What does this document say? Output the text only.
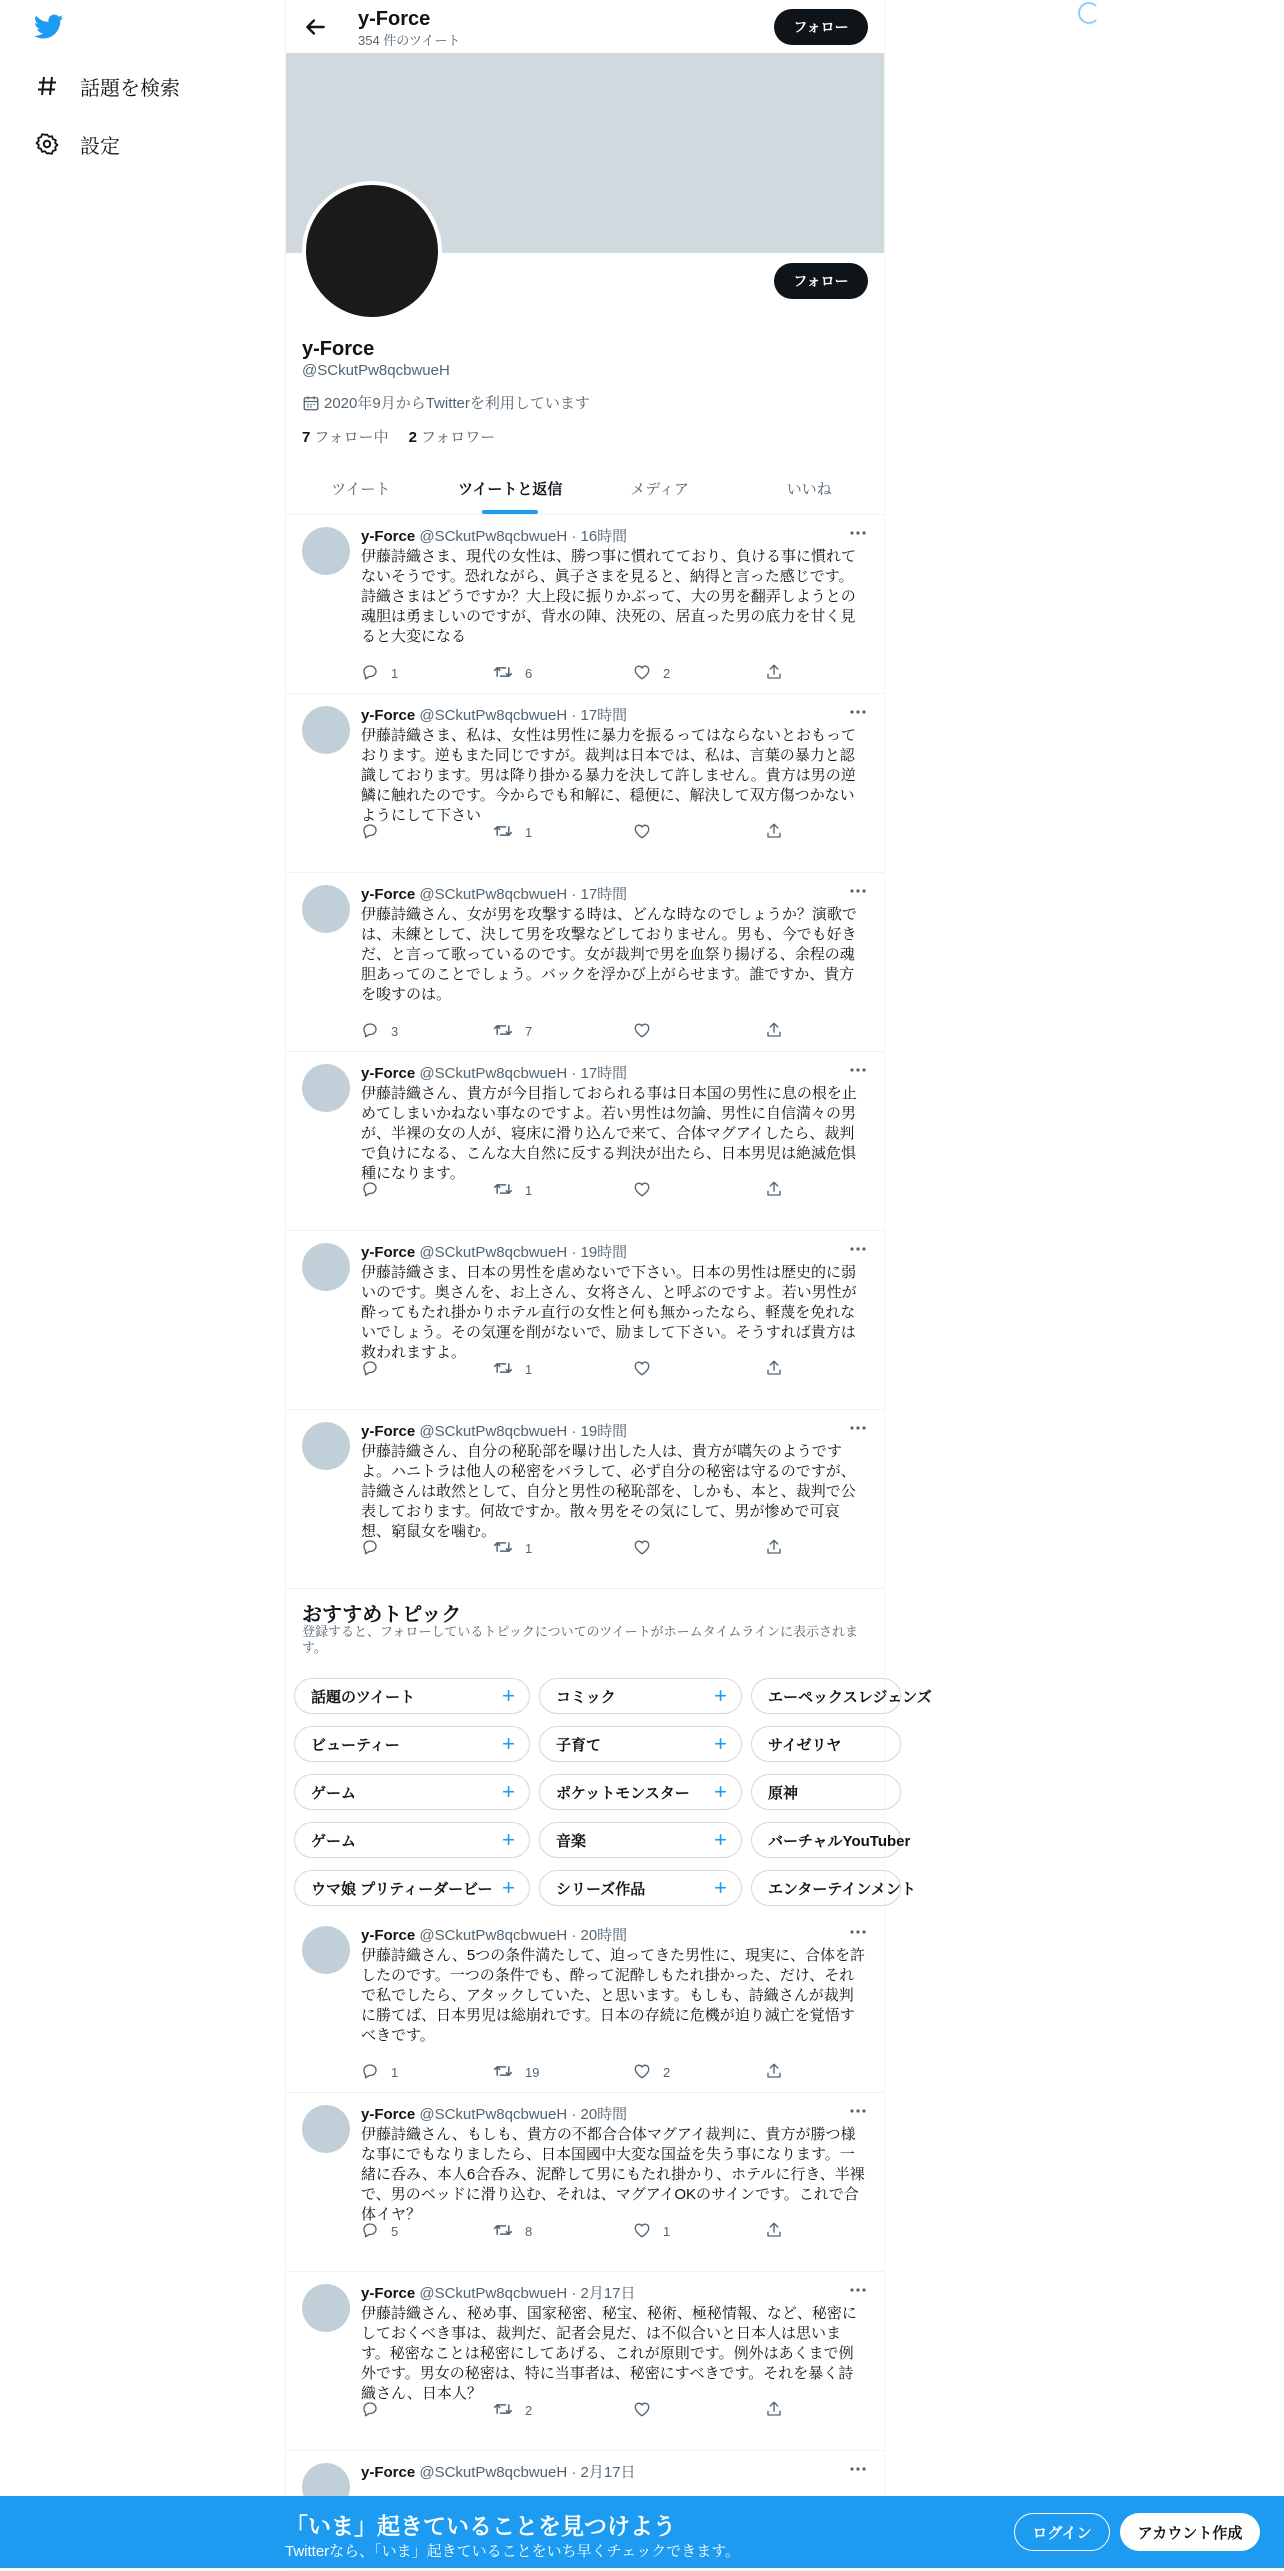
話題を検索
設定
y-Force
354 件のツイート
フォロー
フォロー
y-Force
@SCkutPw8qcbwueH
2020年9月からTwitterを利用しています
7 フォロー中 2 フォロワー
ツイート	ツイートと返信	メディア	いいね
y-Force @SCkutPw8qcbwueH · 16時間
伊藤詩織さま、現代の女性は、勝つ事に慣れてており、負ける事に慣れてないそうです。恐れながら、眞子さまを見ると、納得と言った感じです。詩織さまはどうですか？大上段に振りかぶって、大の男を翻弄しようとの魂胆は勇ましいのですが、背水の陣、決死の、居直った男の底力を甘く見ると大変になる
1	6	2
y-Force @SCkutPw8qcbwueH · 17時間
伊藤詩織さま、私は、女性は男性に暴力を振るってはならないとおもっております。逆もまた同じですが。裁判は日本では、私は、言葉の暴力と認識しております。男は降り掛かる暴力を決して許しません。貴方は男の逆鱗に触れたのです。今からでも和解に、穏便に、解決して双方傷つかないようにして下さい
1
y-Force @SCkutPw8qcbwueH · 17時間
伊藤詩織さん、女が男を攻撃する時は、どんな時なのでしょうか？演歌では、未練として、決して男を攻撃などしておりません。男も、今でも好きだ、と言って歌っているのです。女が裁判で男を血祭り揚げる、余程の魂胆あってのことでしょう。バックを浮かび上がらせます。誰ですか、貴方を唆すのは。
3	7
y-Force @SCkutPw8qcbwueH · 17時間
伊藤詩織さん、貴方が今目指しておられる事は日本国の男性に息の根を止めてしまいかねない事なのですよ。若い男性は勿論、男性に自信満々の男が、半裸の女の人が、寝床に滑り込んで来て、合体マグアイしたら、裁判で負けになる、こんな大自然に反する判決が出たら、日本男児は絶滅危惧種になります。
1
y-Force @SCkutPw8qcbwueH · 19時間
伊藤詩織さま、日本の男性を虐めないで下さい。日本の男性は歴史的に弱いのです。奥さんを、お上さん、女将さん、と呼ぶのですよ。若い男性が酔ってもたれ掛かりホテル直行の女性と何も無かったなら、軽蔑を免れないでしょう。その気運を削がないで、励まして下さい。そうすれば貴方は救われますよ。
1
y-Force @SCkutPw8qcbwueH · 19時間
伊藤詩織さん、自分の秘恥部を曝け出した人は、貴方が嚆矢のようですよ。ハニトラは他人の秘密をバラして、必ず自分の秘密は守るのですが、詩織さんは敢然として、自分と男性の秘恥部を、しかも、本と、裁判で公表しております。何故ですか。散々男をその気にして、男が惨めで可哀想、窮鼠女を噛む。
1
y-Force @SCkutPw8qcbwueH · 20時間
伊藤詩織さん、5つの条件満たして、迫ってきた男性に、現実に、合体を許したのです。一つの条件でも、酔って泥酔しもたれ掛かった、だけ、それで私でしたら、アタックしていた、と思います。もしも、詩織さんが裁判に勝てば、日本男児は総崩れです。日本の存続に危機が迫り滅亡を覚悟すべきです。
1	19	2
y-Force @SCkutPw8qcbwueH · 20時間
伊藤詩織さん、もしも、貴方の不都合合体マグアイ裁判に、貴方が勝つ様な事にでもなりましたら、日本国國中大変な国益を失う事になります。一緒に呑み、本人6合呑み、泥酔して男にもたれ掛かり、ホテルに行き、半裸で、男のベッドに滑り込む、それは、マグアイOKのサインです。これで合体イヤ？
5	8	1
y-Force @SCkutPw8qcbwueH · 2月17日
伊藤詩織さん、秘め事、国家秘密、秘宝、秘術、極秘情報、など、秘密にしておくべき事は、裁判だ、記者会見だ、は不似合いと日本人は思います。秘密なことは秘密にしてあげる、これが原則です。例外はあくまで例外です。男女の秘密は、特に当事者は、秘密にすべきです。それを暴く詩織さん、日本人？
2
y-Force @SCkutPw8qcbwueH · 2月17日
おすすめトピック
登録すると、フォローしているトピックについてのツイートがホームタイムラインに表示されます。
話題のツイート	+	コミック	+	エーペックスレジェンズ
ビューティー	+	子育て	+	サイゼリヤ
ゲーム	+	ポケットモンスター +	原神
ゲーム	+	音楽	+	バーチャルYouTuber
ウマ娘 プリティーダービー +	シリーズ作品	+	エンターテインメント
「いま」起きていることを見つけよう
Twitterなら、「いま」起きていることをいち早くチェックできます。
ログイン	アカウント作成
